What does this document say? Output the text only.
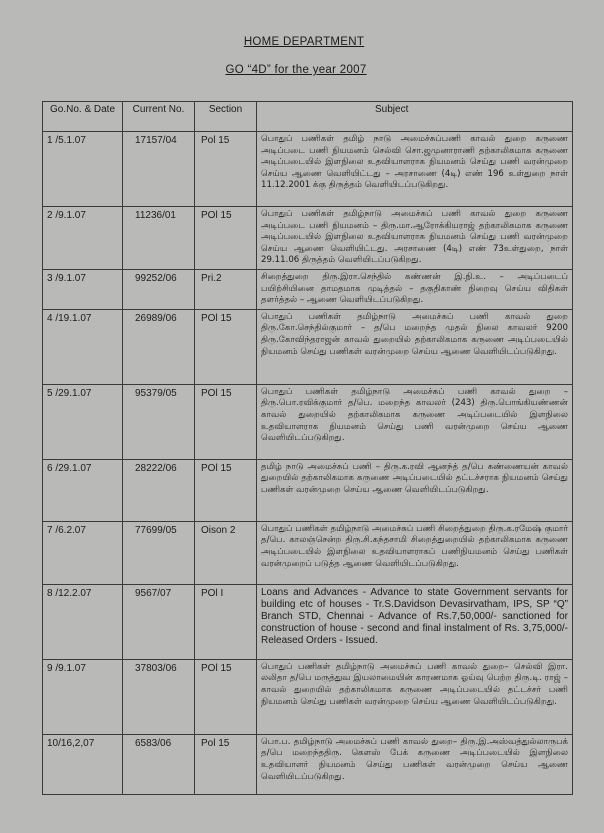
HOME DEPARTMENT
GO “4D” for the year 2007
Go.No. & Date	Current No.	Section	Subject
1 /5.1.07	17157/04	Pol 15	பொதுப் பணிகள் தமிழ் நாடு அமைச்சுப்பணி காவல் துறை கருணை அடிப்படை பணி நியமனம் செல்வி சொ.ஜமுனாராணி தற்காலிகமாக கருணை அடிப்படையில் இளநிலை உதவியாளராக நியமனம் செய்து பணி வரன்முறை செய்ய ஆணை வெளியிட்டது – அரசாணை (4டி) எண் 196 உள்துறை நாள் 11.12.2001 க்கு திருத்தம் வெளியிடப்படுகிறது.
2 /9.1.07	11236/01	POl 15	பொதுப் பணிகள் தமிழ்நாடு அமைச்சுப் பணி காவல் துறை கருணை அடிப்படை பணி நியமனம் – திரு.மா.ஆரோக்கியராஜ் தற்காலிகமாக கருணை அடிப்படையில் இளநிலை உதவியாளராக நியமனம் செய்து பணி வரன்முறை செய்ய ஆணை வெளியிட்டது. அரசாணை (4டி) எண் 73உள்துறை, நாள் 29.11.06 திருத்தம் வெளியிடப்படுகிறது.
3 /9.1.07	99252/06	Pri.2	சிறைத்துறை திரு.இரா.செந்தில் கண்ணன் இ.நி.உ. – அடிப்படைப் பயிற்சியினை தாமதமாக முடித்தல் – தகுதிகாண் நிறைவு செய்ய விதிகள் தளர்த்தல் – ஆணை வெளியிடப்படுகிறது.
4 /19.1.07	26989/06	POl 15	பொதுப் பணிகள் தமிழ்நாடு அமைச்சுப் பணி காவல் துறை திரு.கோ.செந்தில்குமார் – த/பெ மறைந்த முதல் நிலை காவலர் 9200 திரு.கோவிந்தராஜன் காவல் துறையில் தற்காலிகமாக கருணை அடிப்படையில் நியமனம் செய்து பணிகள் வரன்முறை செய்ய ஆணை வெளியிடப்படுகிறது.
5 /29.1.07	95379/05	POl 15	பொதுப் பணிகள் தமிழ்நாடு அமைச்சுப் பணி காவல் துறை – திரு.பொ.ரவிக்குமார் த/பெ. மறைந்த காவலர் (243) திரு.பொங்கியண்ணன் காவல் துறையில் தற்காலிகமாக கருணை அடிப்படையில் இளநிலை உதவியாளராக நியமனம் செய்து பணி வரன்முறை செய்ய ஆணை வெளியிடப்படுகிறது.
6 /29.1.07	28222/06	POl 15	தமிழ் நாடு அமைச்சுப் பணி – திரு.க.ரவி ஆனந்த் த/பெ கண்ணையன் காவல் துறையில் தற்காலிகமாக கருணை அடிப்படையில் தட்டச்சராக நியமனம் செய்து பணிகள் வரன்முறை செய்ய ஆணை வெளியிடப்படுகிறது.
7 /6.2.07	77699/05	Oison 2	பொதுப் பணிகள் தமிழ்நாடு அமைச்சுப் பணி சிறைத்துறை திரு.க.ரமேஷ் குமார் த/பெ. காலஞ்சென்ற திரு.சி.கந்தசாமி சிறைத்துறையில் தற்காலிகமாக கருணை அடிப்படையில் இளநிலை உதவியாளராகப் பணிநியமனம் செய்து பணிகள் வரன்முறைப் படுத்த ஆணை வெளியிடப்படுகிறது.
8 /12.2.07	9567/07	POl I	Loans and Advances - Advance to state Government servants for building etc of houses - Tr.S.Davidson Devasirvatham, IPS, SP “Q” Branch STD, Chennai - Advance of Rs.7,50,000/- sanctioned for construction of house - second and final instalment of Rs. 3,75,000/- Released Orders - Issued.
9 /9.1.07	37803/06	POl 15	பொதுப் பணிகள் தமிழ்நாடு அமைச்சுப் பணி காவல் துறை– செல்வி இரா. லலிதா த/பெ மருத்துவ இயலாமையின் காரணமாக ஓய்வு பெற்ற திரு.டி. ராஜ் – காவல் துறையில் தற்காலிகமாக கருணை அடிப்படையில் தட்டச்சர் பணி நியமனம் செய்து பணிகள் வரன்முறை செய்ய ஆணை வெளியிடப்படுகிறது.
10/16,2,07	6583/06	Pol 15	பொ.ப. தமிழ்நாடு அமைச்சுப் பணி காவல் துறை– திரு.இ.அஸ்வத்துல்லாருபக் த/பெ மறைந்ததிரு. கௌஸ் பேக் கருணை அடிப்படையில் இளநிலை உதவியாளர் நியமனம் செய்து பணிகள் வரன்முறை செய்ய ஆணை வெளியிடப்படுகிறது.
